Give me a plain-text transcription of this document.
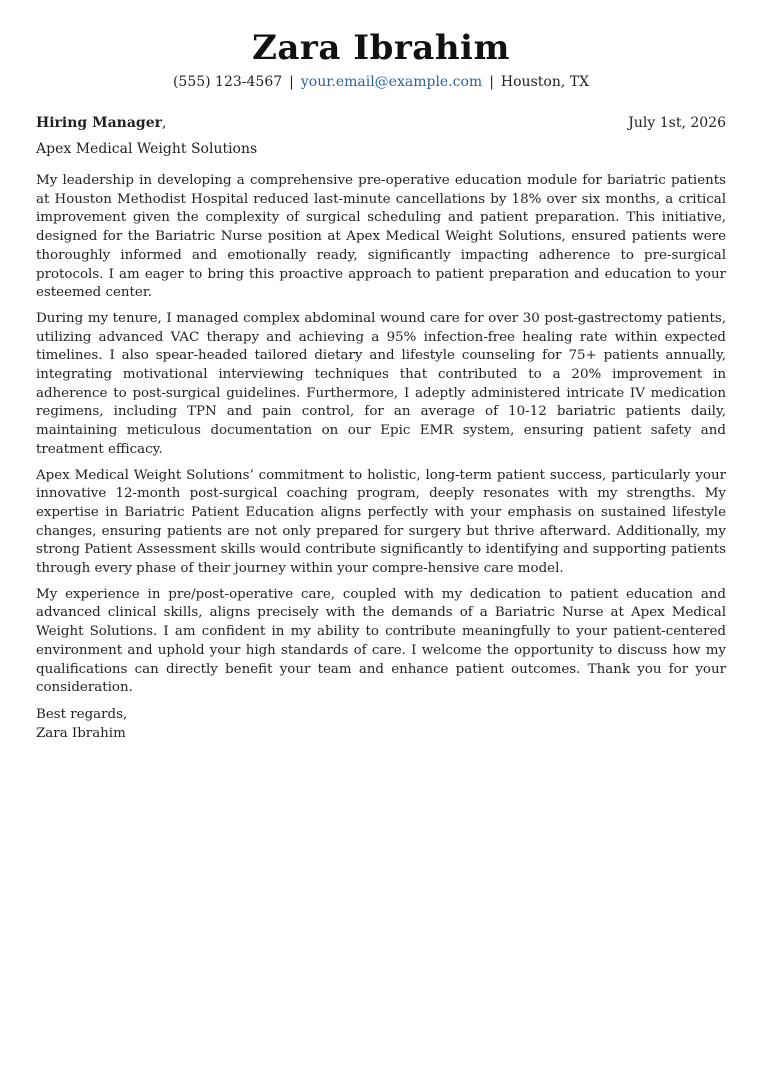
Zara Ibrahim
(555) 123-4567 | your.email@example.com | Houston, TX
Hiring Manager,	July 1st, 2026
Apex Medical Weight Solutions

My leadership in developing a comprehensive pre-operative education module for bariatric patients at Houston Methodist Hospital reduced last-minute cancellations by 18% over six months, a critical improvement given the complexity of surgical scheduling and patient preparation. This initiative, designed for the Bariatric Nurse position at Apex Medical Weight Solutions, ensured patients were thoroughly informed and emotionally ready, significantly impacting adherence to pre-surgical protocols. I am eager to bring this proactive approach to patient preparation and education to your esteemed center.

During my tenure, I managed complex abdominal wound care for over 30 post-gastrectomy patients, utilizing advanced VAC therapy and achieving a 95% infection-free healing rate within expected timelines. I also spear-headed tailored dietary and lifestyle counseling for 75+ patients annually, integrating motivational interviewing techniques that contributed to a 20% improvement in adherence to post-surgical guidelines. Furthermore, I adeptly administered intricate IV medication regimens, including TPN and pain control, for an average of 10-12 bariatric patients daily, maintaining meticulous documentation on our Epic EMR system, ensuring patient safety and treatment efficacy.

Apex Medical Weight Solutions’ commitment to holistic, long-term patient success, particularly your innovative 12-month post-surgical coaching program, deeply resonates with my strengths. My expertise in Bariatric Patient Education aligns perfectly with your emphasis on sustained lifestyle changes, ensuring patients are not only prepared for surgery but thrive afterward. Additionally, my strong Patient Assessment skills would contribute significantly to identifying and supporting patients through every phase of their journey within your compre-hensive care model.

My experience in pre/post-operative care, coupled with my dedication to patient education and advanced clinical skills, aligns precisely with the demands of a Bariatric Nurse at Apex Medical Weight Solutions. I am confident in my ability to contribute meaningfully to your patient-centered environment and uphold your high standards of care. I welcome the opportunity to discuss how my qualifications can directly benefit your team and enhance patient outcomes. Thank you for your consideration.

Best regards,
Zara Ibrahim
